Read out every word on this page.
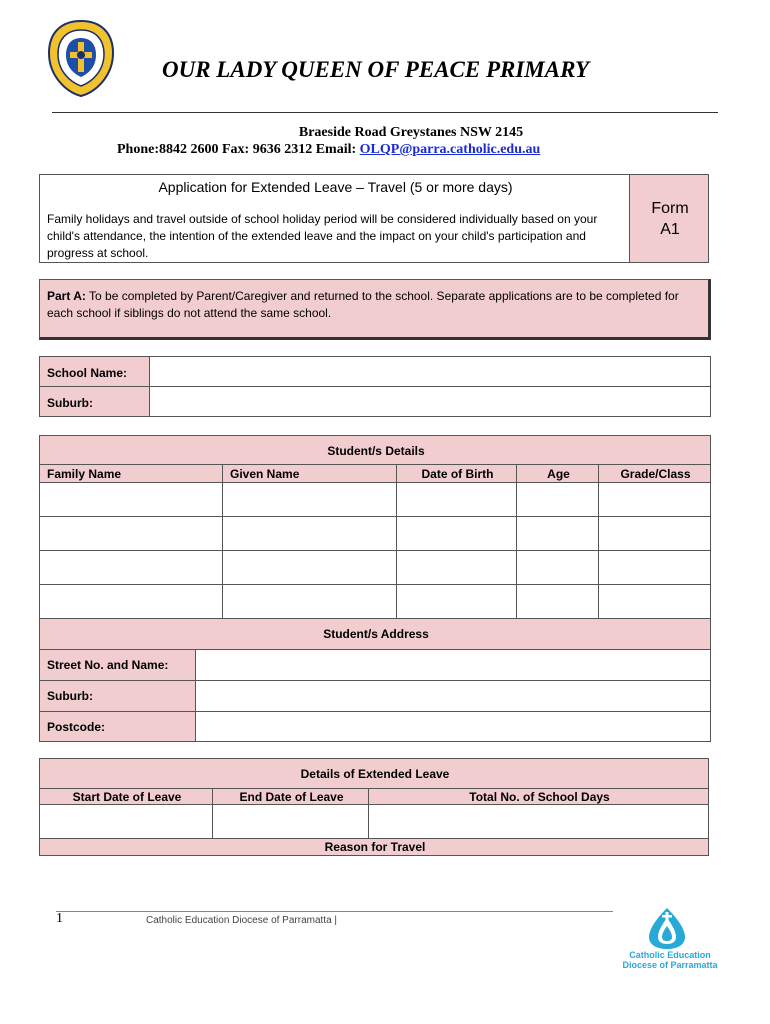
OUR LADY QUEEN OF PEACE PRIMARY
Braeside Road Greystanes NSW 2145
Phone:8842 2600 Fax: 9636 2312 Email: OLQP@parra.catholic.edu.au
Application for Extended Leave – Travel (5 or more days)
Family holidays and travel outside of school holiday period will be considered individually based on your child's attendance, the intention of the extended leave and the impact on your child's participation and progress at school.
Form
A1
Part A: To be completed by Parent/Caregiver and returned to the school. Separate applications are to be completed for each school if siblings do not attend the same school.
School Name:
Suburb:
Student/s Details
Family Name	Given Name	Date of Birth	Age	Grade/Class
Student/s Address
Street No. and Name:
Suburb:
Postcode:
Details of Extended Leave
Start Date of Leave	End Date of Leave	Total No. of School Days
Reason for Travel
1	Catholic Education Diocese of Parramatta |
Catholic Education
Diocese of Parramatta
